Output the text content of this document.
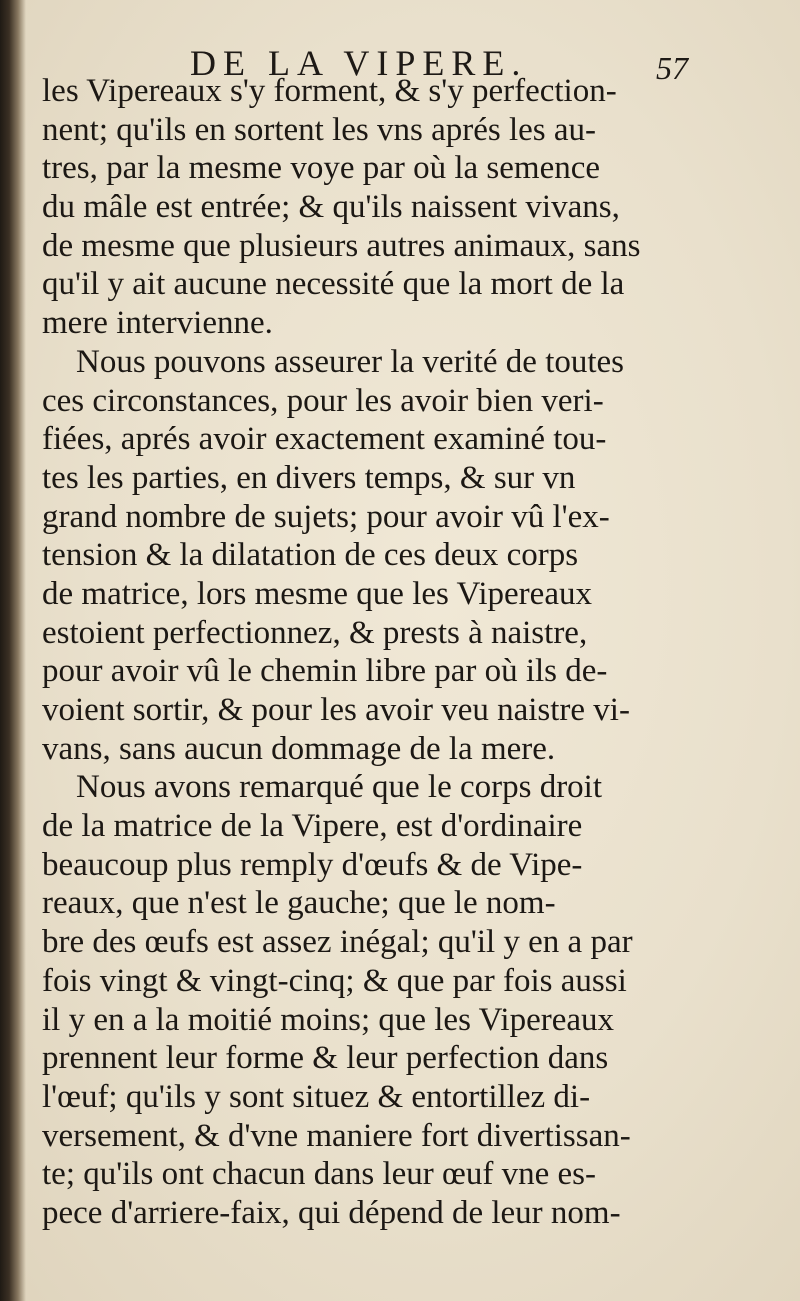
DE LA VIPERE.	57
les Vipereaux s'y forment, & s'y perfection-
nent; qu'ils en sortent les vns aprés les au-
tres, par la mesme voye par où la semence
du mâle est entrée; & qu'ils naissent vivans,
de mesme que plusieurs autres animaux, sans
qu'il y ait aucune necessité que la mort de la
mere intervienne.
Nous pouvons asseurer la verité de toutes
ces circonstances, pour les avoir bien veri-
fiées, aprés avoir exactement examiné tou-
tes les parties, en divers temps, & sur vn
grand nombre de sujets; pour avoir vû l'ex-
tension & la dilatation de ces deux corps
de matrice, lors mesme que les Vipereaux
estoient perfectionnez, & prests à naistre,
pour avoir vû le chemin libre par où ils de-
voient sortir, & pour les avoir veu naistre vi-
vans, sans aucun dommage de la mere.
Nous avons remarqué que le corps droit
de la matrice de la Vipere, est d'ordinaire
beaucoup plus remply d'œufs & de Vipe-
reaux, que n'est le gauche; que le nom-
bre des œufs est assez inégal; qu'il y en a par
fois vingt & vingt-cinq; & que par fois aussi
il y en a la moitié moins; que les Vipereaux
prennent leur forme & leur perfection dans
l'œuf; qu'ils y sont situez & entortillez di-
versement, & d'vne maniere fort divertissan-
te; qu'ils ont chacun dans leur œuf vne es-
pece d'arriere-faix, qui dépend de leur nom-
